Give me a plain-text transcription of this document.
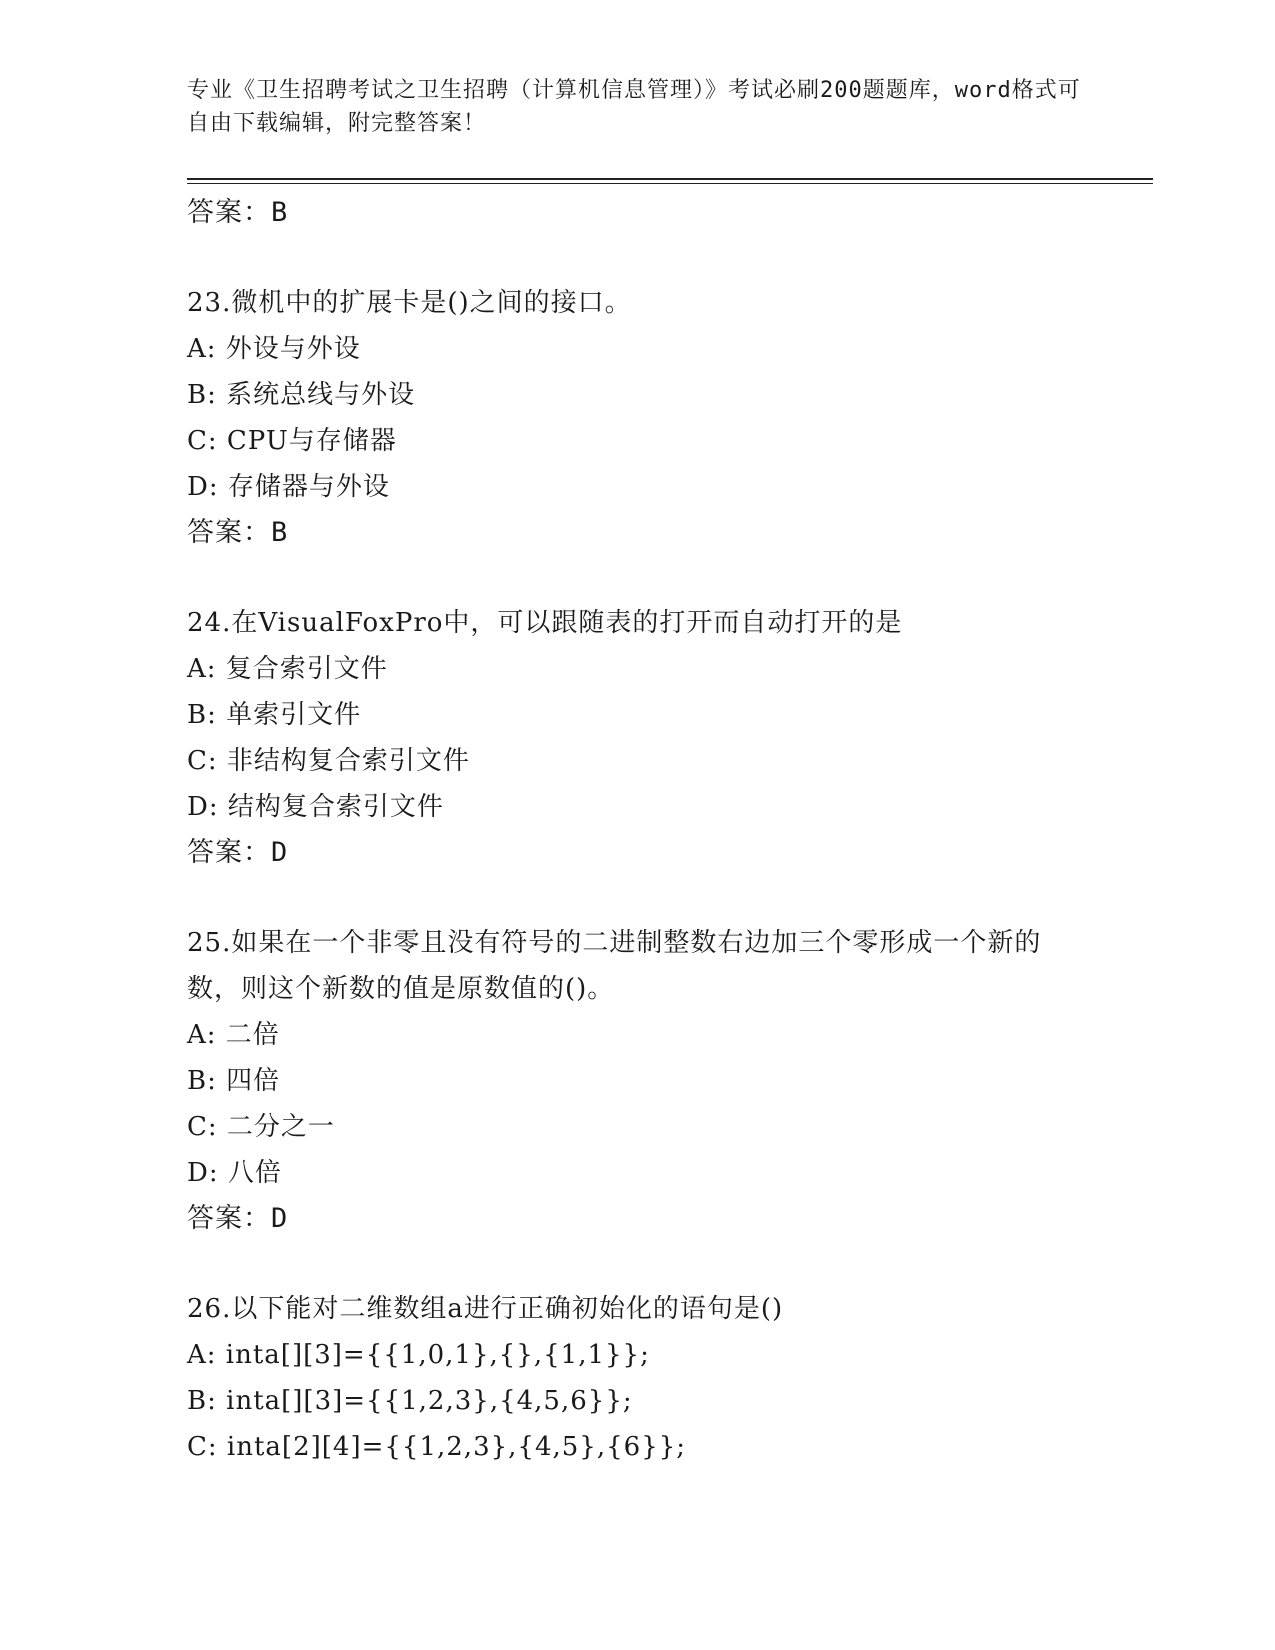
专业《卫生招聘考试之卫生招聘（计算机信息管理）》考试必刷200题题库，word格式可自由下载编辑，附完整答案！
答案：B
23.微机中的扩展卡是()之间的接口。
A: 外设与外设
B: 系统总线与外设
C: CPU与存储器
D: 存储器与外设
答案：B
24.在VisualFoxPro中，可以跟随表的打开而自动打开的是
A: 复合索引文件
B: 单索引文件
C: 非结构复合索引文件
D: 结构复合索引文件
答案：D
25.如果在一个非零且没有符号的二进制整数右边加三个零形成一个新的数，则这个新数的值是原数值的()。
A: 二倍
B: 四倍
C: 二分之一
D: 八倍
答案：D
26.以下能对二维数组a进行正确初始化的语句是()
A: inta[][3]={{1,0,1},{},{1,1}};
B: inta[][3]={{1,2,3},{4,5,6}};
C: inta[2][4]={{1,2,3},{4,5},{6}};
